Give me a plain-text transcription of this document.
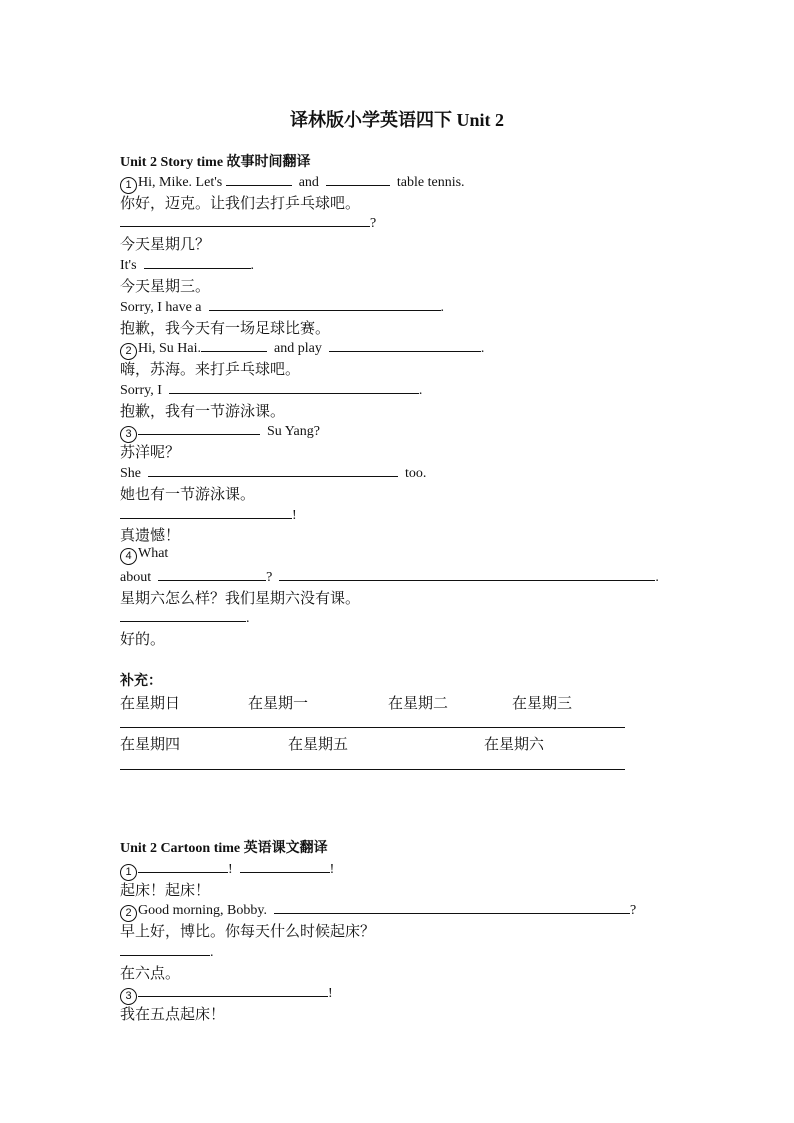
译林版小学英语四下 Unit 2
Unit 2 Story time 故事时间翻译
1 Hi, Mike. Let's	and	table tennis.
你好，迈克。让我们去打乒乓球吧。
?
今天星期几？
It's	.
今天星期三。
Sorry, I have a	.
抱歉，我今天有一场足球比赛。
2 Hi, Su Hai.	and play	.
嗨，苏海。来打乒乓球吧。
Sorry, I	.
抱歉，我有一节游泳课。
3	Su Yang?
苏洋呢？
She	too.
她也有一节游泳课。
!
真遗憾！
4 What
about	?	.
星期六怎么样？我们星期六没有课。
.
好的。
补充：
在星期日	在星期一	在星期二	在星期三
在星期四	在星期五	在星期六
Unit 2 Cartoon time 英语课文翻译
1	!	!
起床！起床！
2 Good morning, Bobby.	?
早上好，博比。你每天什么时候起床？
.
在六点。
3	!
我在五点起床！
